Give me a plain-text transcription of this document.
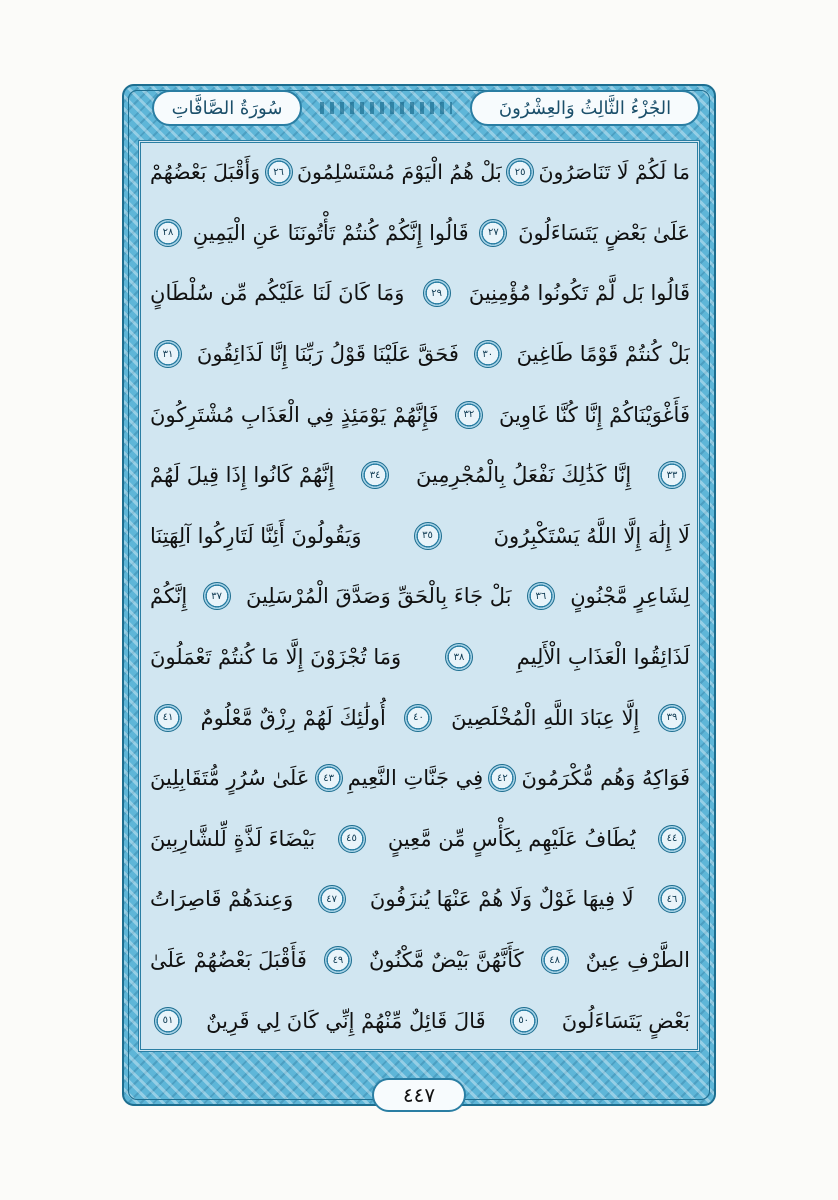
الجُزْءُ الثَّالِثُ وَالعِشْرُونَ
سُورَةُ الصَّافَّاتِ
مَا لَكُمْ لَا تَنَاصَرُونَ
٢٥
بَلْ هُمُ الْيَوْمَ مُسْتَسْلِمُونَ
٢٦
وَأَقْبَلَ بَعْضُهُمْ
عَلَىٰ بَعْضٍ يَتَسَاءَلُونَ
٢٧
قَالُوا إِنَّكُمْ كُنتُمْ تَأْتُونَنَا عَنِ الْيَمِينِ
٢٨
قَالُوا بَل لَّمْ تَكُونُوا مُؤْمِنِينَ
٢٩
وَمَا كَانَ لَنَا عَلَيْكُم مِّن سُلْطَانٍ
بَلْ كُنتُمْ قَوْمًا طَاغِينَ
٣٠
فَحَقَّ عَلَيْنَا قَوْلُ رَبِّنَا إِنَّا لَذَائِقُونَ
٣١
فَأَغْوَيْنَاكُمْ إِنَّا كُنَّا غَاوِينَ
٣٢
فَإِنَّهُمْ يَوْمَئِذٍ فِي الْعَذَابِ مُشْتَرِكُونَ
٣٣
إِنَّا كَذَٰلِكَ نَفْعَلُ بِالْمُجْرِمِينَ
٣٤
إِنَّهُمْ كَانُوا إِذَا قِيلَ لَهُمْ
لَا إِلَٰهَ إِلَّا اللَّهُ يَسْتَكْبِرُونَ
٣٥
وَيَقُولُونَ أَئِنَّا لَتَارِكُوا آلِهَتِنَا
لِشَاعِرٍ مَّجْنُونٍ
٣٦
بَلْ جَاءَ بِالْحَقِّ وَصَدَّقَ الْمُرْسَلِينَ
٣٧
إِنَّكُمْ
لَذَائِقُوا الْعَذَابِ الْأَلِيمِ
٣٨
وَمَا تُجْزَوْنَ إِلَّا مَا كُنتُمْ تَعْمَلُونَ
٣٩
إِلَّا عِبَادَ اللَّهِ الْمُخْلَصِينَ
٤٠
أُولَٰئِكَ لَهُمْ رِزْقٌ مَّعْلُومٌ
٤١
فَوَاكِهُ وَهُم مُّكْرَمُونَ
٤٢
فِي جَنَّاتِ النَّعِيمِ
٤٣
عَلَىٰ سُرُرٍ مُّتَقَابِلِينَ
٤٤
يُطَافُ عَلَيْهِم بِكَأْسٍ مِّن مَّعِينٍ
٤٥
بَيْضَاءَ لَذَّةٍ لِّلشَّارِبِينَ
٤٦
لَا فِيهَا غَوْلٌ وَلَا هُمْ عَنْهَا يُنزَفُونَ
٤٧
وَعِندَهُمْ قَاصِرَاتُ
الطَّرْفِ عِينٌ
٤٨
كَأَنَّهُنَّ بَيْضٌ مَّكْنُونٌ
٤٩
فَأَقْبَلَ بَعْضُهُمْ عَلَىٰ
بَعْضٍ يَتَسَاءَلُونَ
٥٠
قَالَ قَائِلٌ مِّنْهُمْ إِنِّي كَانَ لِي قَرِينٌ
٥١
٤٤٧
